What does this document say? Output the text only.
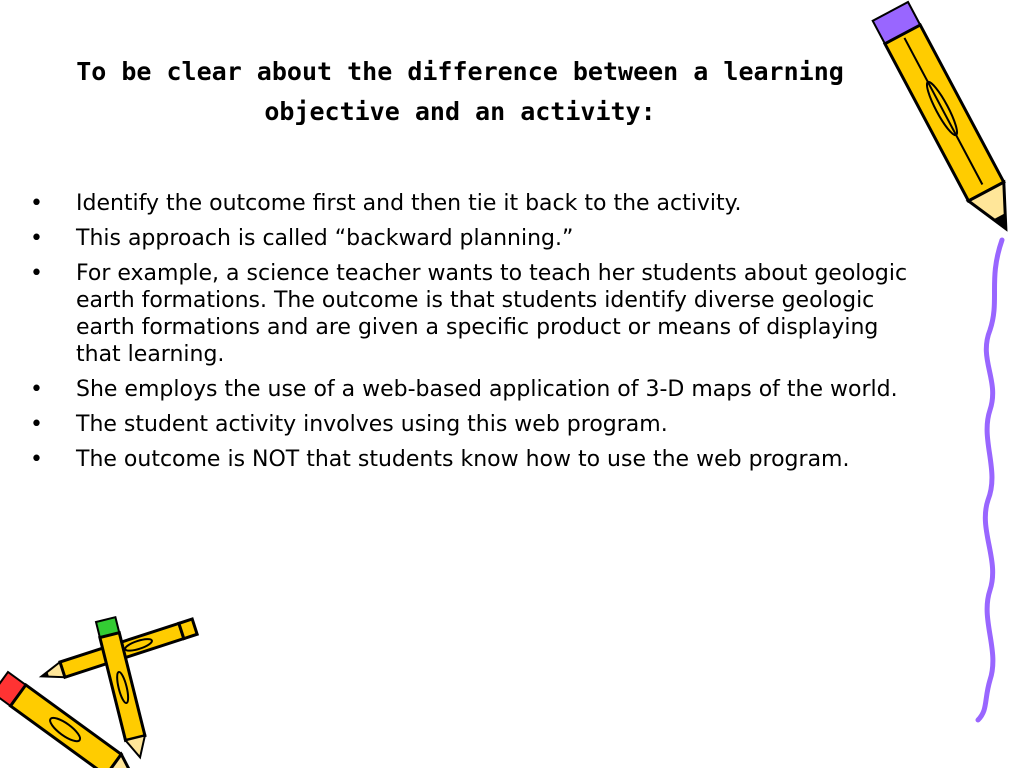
To be clear about the difference between a learning objective and an activity:
•	Identify the outcome first and then tie it back to the activity.
•	This approach is called “backward planning.”
•	For example, a science teacher wants to teach her students about geologic earth formations. The outcome is that students identify diverse geologic earth formations and are given a specific product or means of displaying that learning.
•	She employs the use of a web-based application of 3-D maps of the world.
•	The student activity involves using this web program.
•	The outcome is NOT that students know how to use the web program.
